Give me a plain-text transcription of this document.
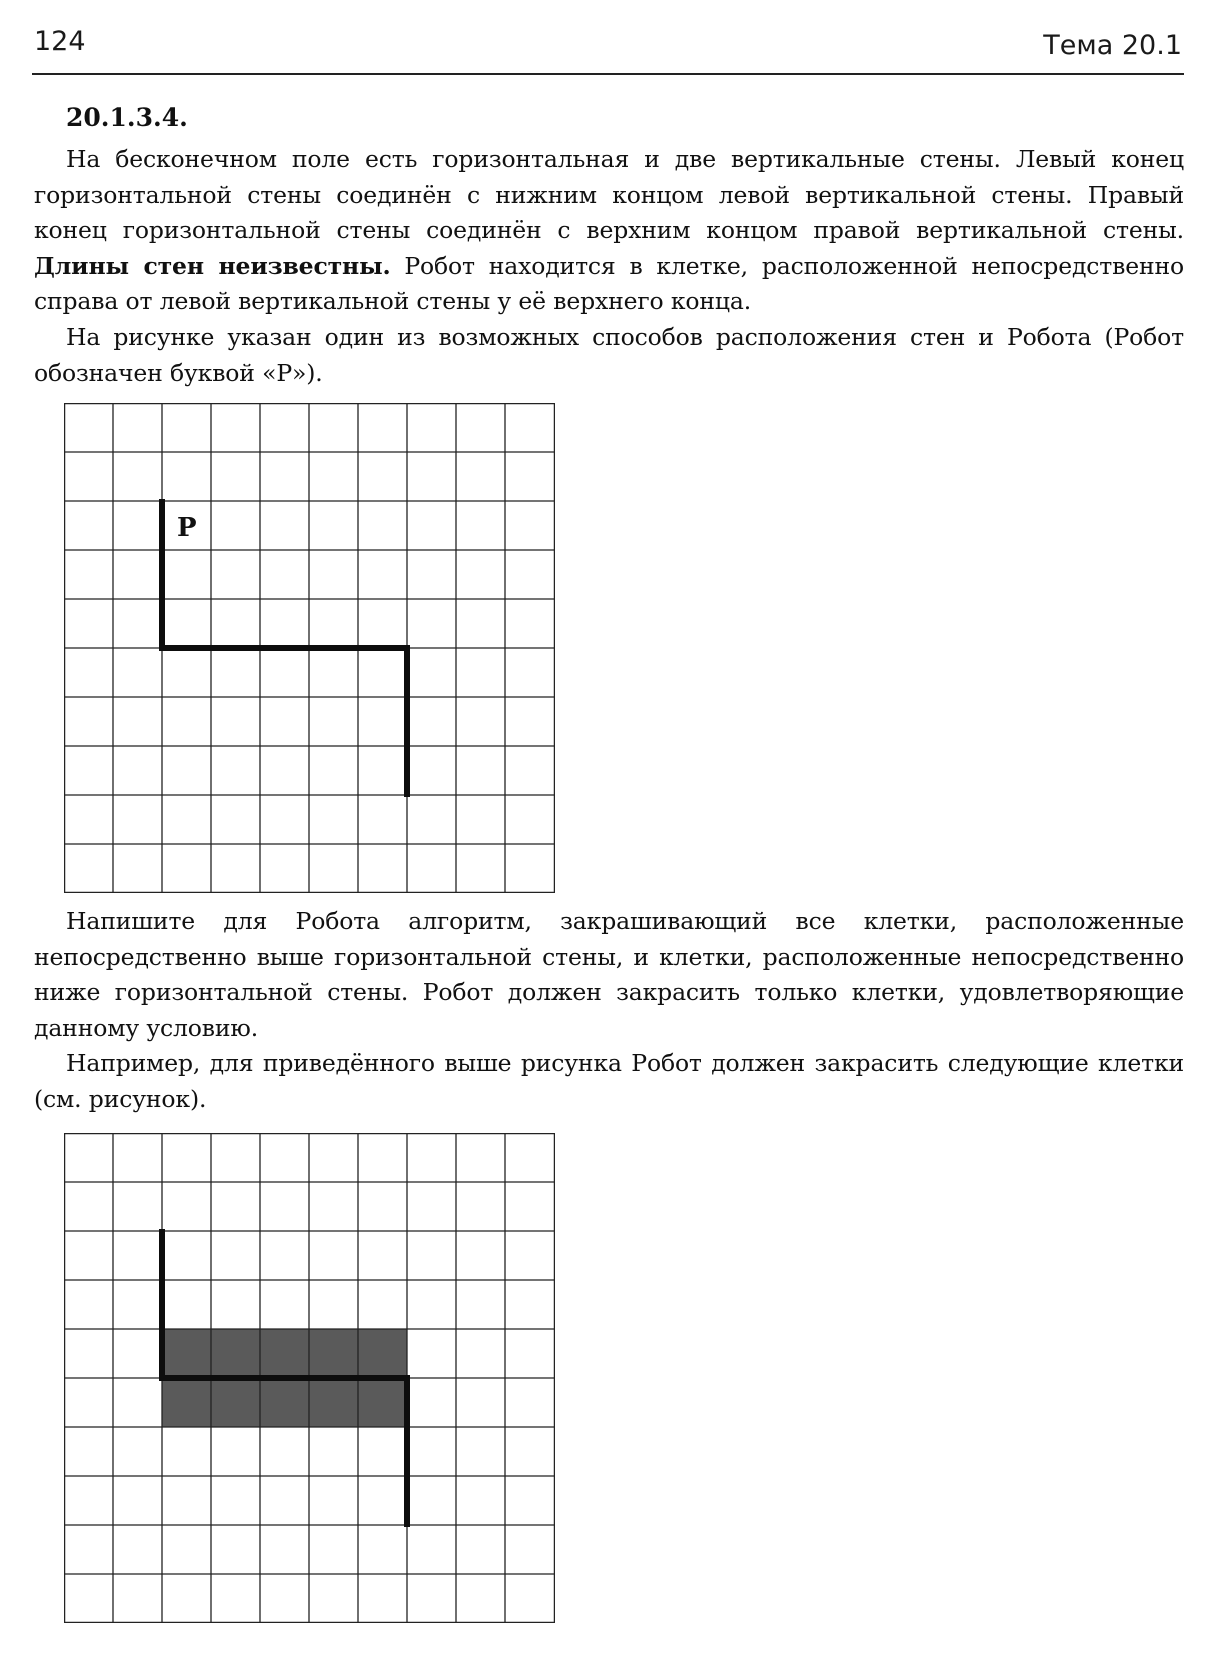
124	Тема 20.1
20.1.3.4.

На бесконечном поле есть горизонтальная и две вертикальные стены. Левый конец горизонтальной стены соединён с нижним концом левой вертикальной стены. Правый конец горизонтальной стены соединён с верхним концом правой вертикальной стены. Длины стен неизвестны. Робот находится в клетке, расположенной непосредственно справа от левой вертикальной стены у её верхнего конца.

На рисунке указан один из возможных способов расположения стен и Робота (Робот обозначен буквой «Р»).

Р

Напишите для Робота алгоритм, закрашивающий все клетки, расположенные непосредственно выше горизонтальной стены, и клетки, расположенные непосредственно ниже горизонтальной стены. Робот должен закрасить только клетки, удовлетворяющие данному условию.

Например, для приведённого выше рисунка Робот должен закрасить следующие клетки (см. рисунок).
